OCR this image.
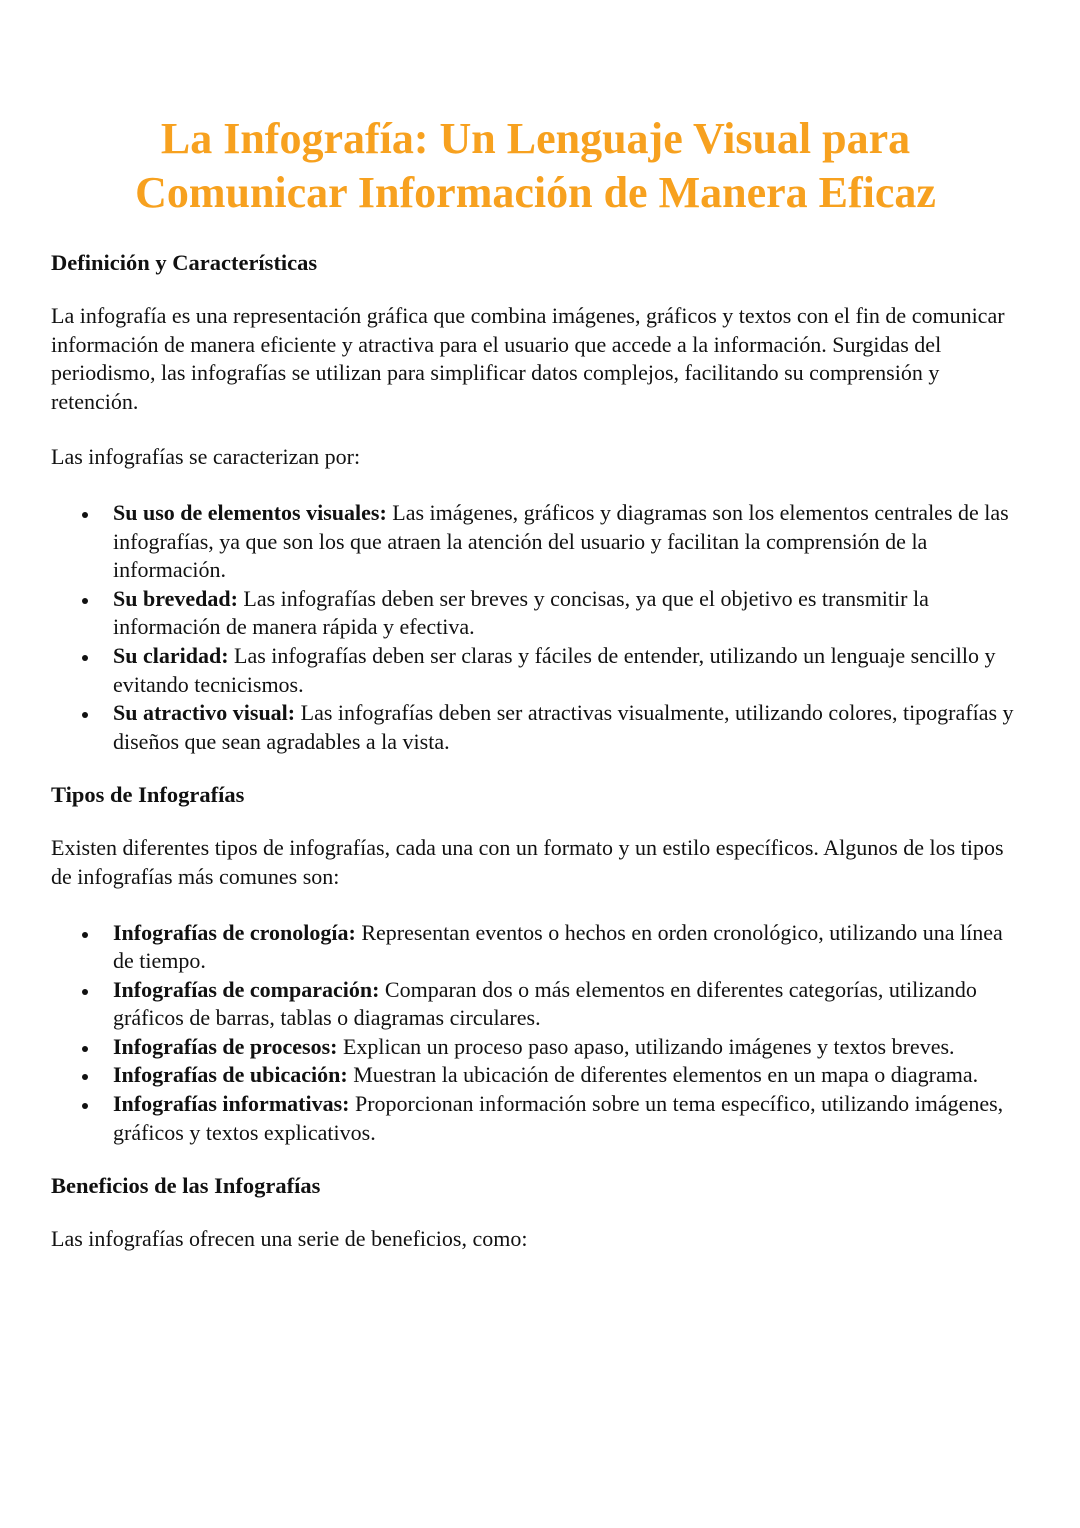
La Infografía: Un Lenguaje Visual para Comunicar Información de Manera Eficaz
Definición y Características

La infografía es una representación gráfica que combina imágenes, gráficos y textos con el fin de comunicar información de manera eficiente y atractiva para el usuario que accede a la información. Surgidas del periodismo, las infografías se utilizan para simplificar datos complejos, facilitando su comprensión y retención.

Las infografías se caracterizan por:

Su uso de elementos visuales: Las imágenes, gráficos y diagramas son los elementos centrales de las infografías, ya que son los que atraen la atención del usuario y facilitan la comprensión de la información.
Su brevedad: Las infografías deben ser breves y concisas, ya que el objetivo es transmitir la información de manera rápida y efectiva.
Su claridad: Las infografías deben ser claras y fáciles de entender, utilizando un lenguaje sencillo y evitando tecnicismos.
Su atractivo visual: Las infografías deben ser atractivas visualmente, utilizando colores, tipografías y diseños que sean agradables a la vista.
Tipos de Infografías

Existen diferentes tipos de infografías, cada una con un formato y un estilo específicos. Algunos de los tipos de infografías más comunes son:

Infografías de cronología: Representan eventos o hechos en orden cronológico, utilizando una línea de tiempo.
Infografías de comparación: Comparan dos o más elementos en diferentes categorías, utilizando gráficos de barras, tablas o diagramas circulares.
Infografías de procesos: Explican un proceso paso apaso, utilizando imágenes y textos breves.
Infografías de ubicación: Muestran la ubicación de diferentes elementos en un mapa o diagrama.
Infografías informativas: Proporcionan información sobre un tema específico, utilizando imágenes, gráficos y textos explicativos.
Beneficios de las Infografías

Las infografías ofrecen una serie de beneficios, como:
